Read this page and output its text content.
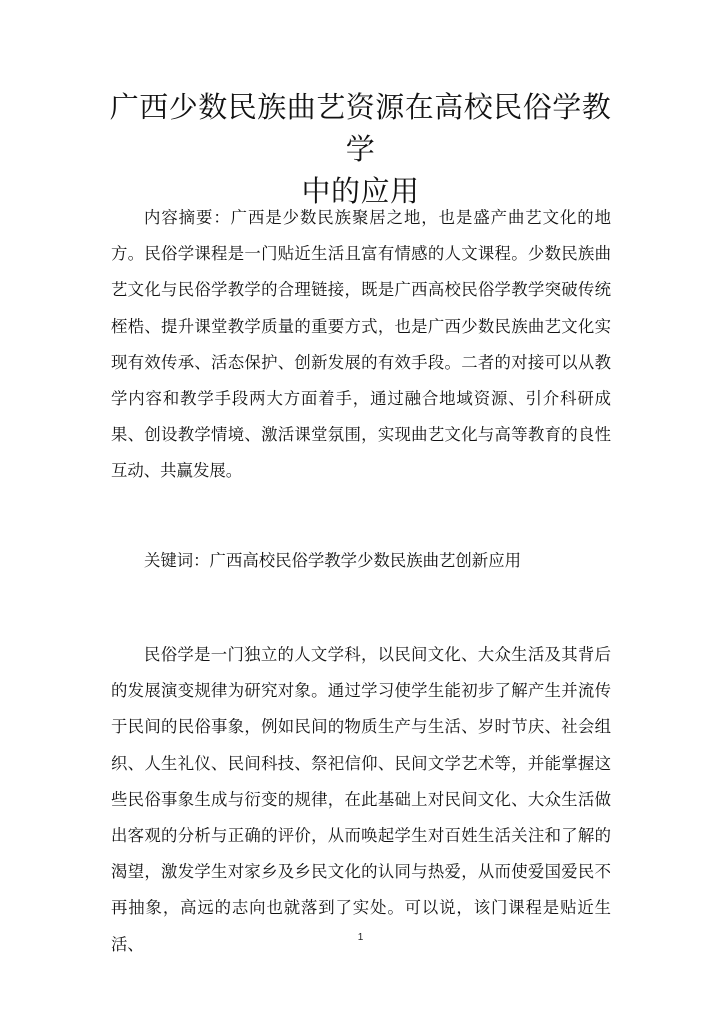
广西少数民族曲艺资源在高校民俗学教学
中的应用

内容摘要：广西是少数民族聚居之地，也是盛产曲艺文化的地方。民俗学课程是一门贴近生活且富有情感的人文课程。少数民族曲艺文化与民俗学教学的合理链接，既是广西高校民俗学教学突破传统桎梏、提升课堂教学质量的重要方式，也是广西少数民族曲艺文化实现有效传承、活态保护、创新发展的有效手段。二者的对接可以从教学内容和教学手段两大方面着手，通过融合地域资源、引介科研成果、创设教学情境、激活课堂氛围，实现曲艺文化与高等教育的良性互动、共赢发展。

关键词：广西高校民俗学教学少数民族曲艺创新应用

民俗学是一门独立的人文学科，以民间文化、大众生活及其背后的发展演变规律为研究对象。通过学习使学生能初步了解产生并流传于民间的民俗事象，例如民间的物质生产与生活、岁时节庆、社会组织、人生礼仪、民间科技、祭祀信仰、民间文学艺术等，并能掌握这些民俗事象生成与衍变的规律，在此基础上对民间文化、大众生活做出客观的分析与正确的评价，从而唤起学生对百姓生活关注和了解的渴望，激发学生对家乡及乡民文化的认同与热爱，从而使爱国爱民不再抽象，高远的志向也就落到了实处。可以说，该门课程是贴近生活、	1
